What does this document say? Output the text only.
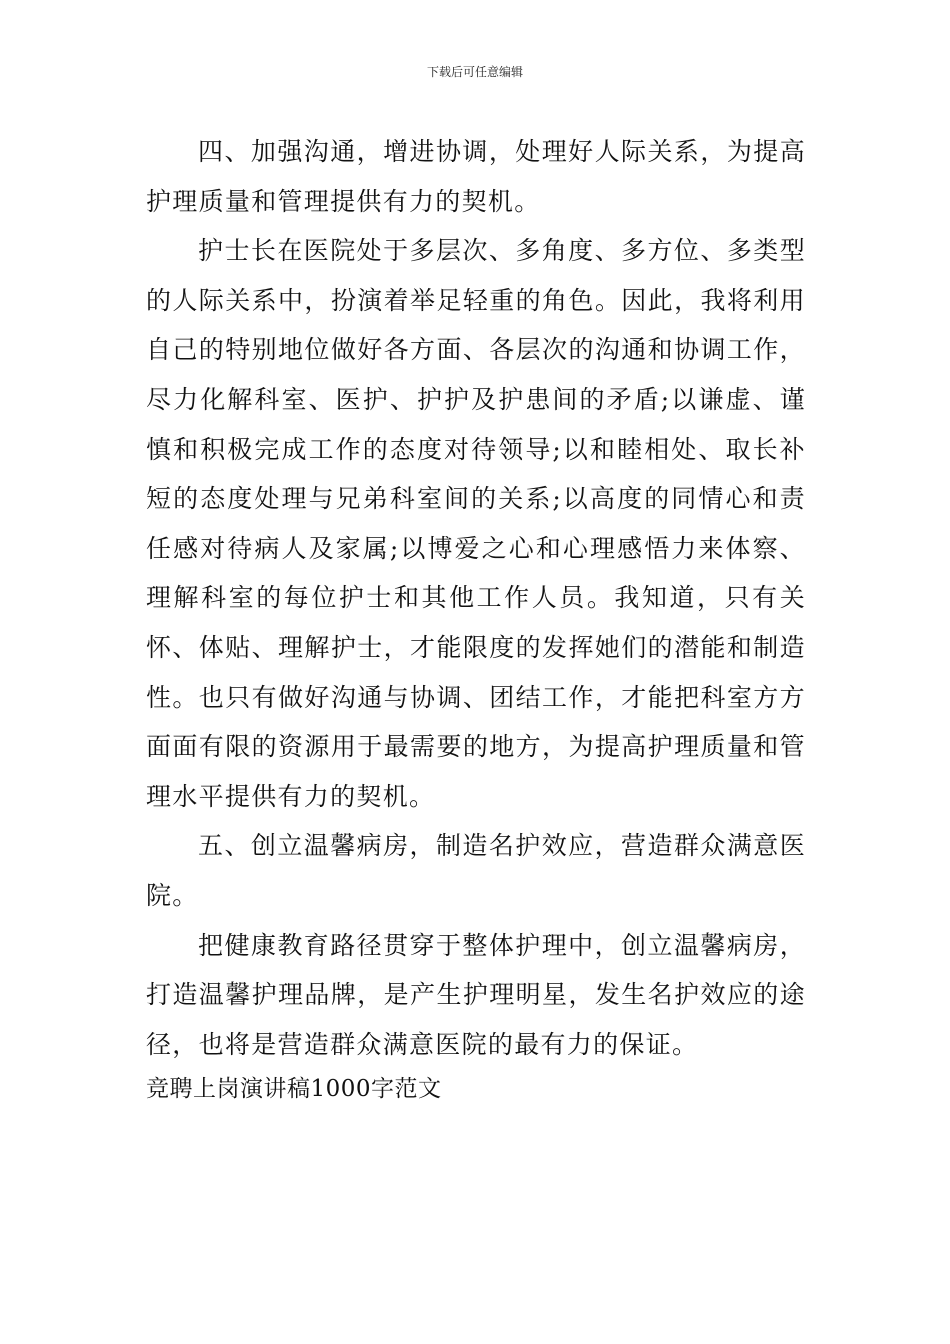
下载后可任意编辑

四、加强沟通，增进协调，处理好人际关系，为提高护理质量和管理提供有力的契机。

护士长在医院处于多层次、多角度、多方位、多类型的人际关系中，扮演着举足轻重的角色。因此，我将利用自己的特别地位做好各方面、各层次的沟通和协调工作，尽力化解科室、医护、护护及护患间的矛盾;以谦虚、谨慎和积极完成工作的态度对待领导;以和睦相处、取长补短的态度处理与兄弟科室间的关系;以高度的同情心和责任感对待病人及家属;以博爱之心和心理感悟力来体察、理解科室的每位护士和其他工作人员。我知道，只有关怀、体贴、理解护士，才能限度的发挥她们的潜能和制造性。也只有做好沟通与协调、团结工作，才能把科室方方面面有限的资源用于最需要的地方，为提高护理质量和管理水平提供有力的契机。

五、创立温馨病房，制造名护效应，营造群众满意医院。

把健康教育路径贯穿于整体护理中，创立温馨病房，打造温馨护理品牌，是产生护理明星，发生名护效应的途径，也将是营造群众满意医院的最有力的保证。

竞聘上岗演讲稿1000字范文
